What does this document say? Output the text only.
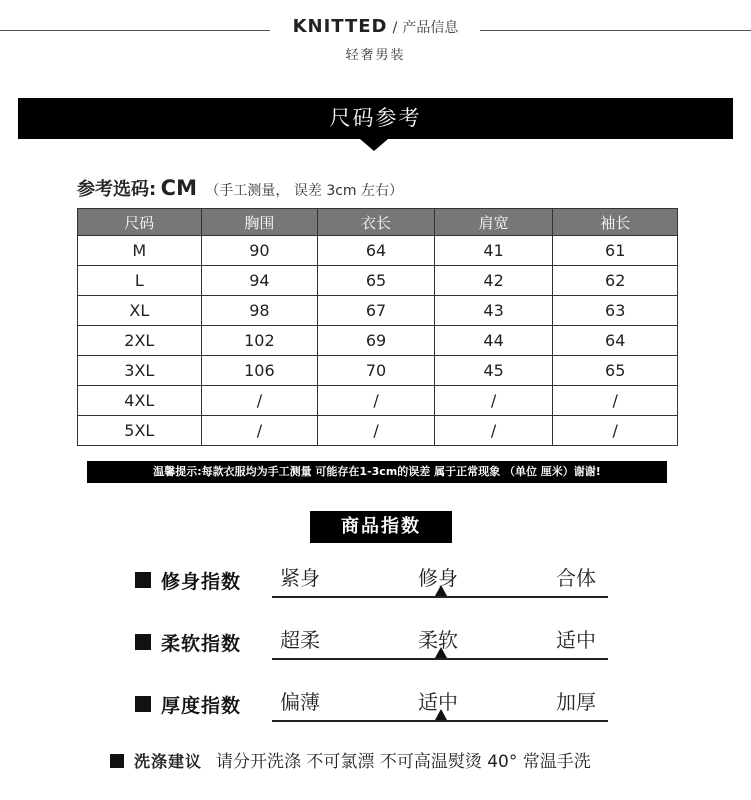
KNITTED / 产品信息
轻奢男装
尺码参考
参考选码: CM （手工测量， 误差 3cm 左右）
尺码	胸围	衣长	肩宽	袖长
M	90	64	41	61
L	94	65	42	62
XL	98	67	43	63
2XL	102	69	44	64
3XL	106	70	45	65
4XL	/	/	/	/
5XL	/	/	/	/
温馨提示:每款衣服均为手工测量 可能存在1-3cm的误差 属于正常现象 （单位 厘米）谢谢!
商品指数
修身指数 紧身	修身	合体
柔软指数 超柔	柔软	适中
厚度指数 偏薄	适中	加厚
洗涤建议 请分开洗涤 不可氯漂 不可高温熨烫 40° 常温手洗
